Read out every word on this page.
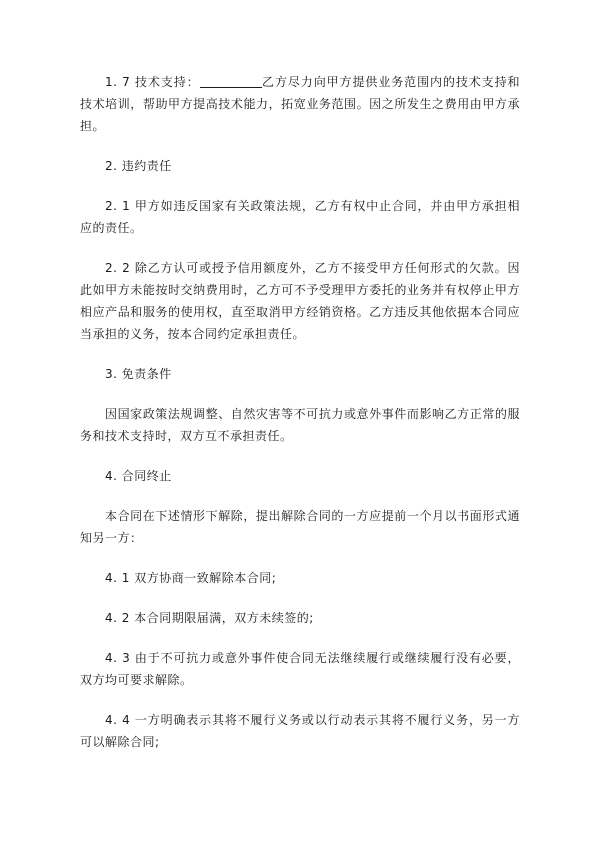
1. 7 技术支持：	乙方尽力向甲方提供业务范围内的技术支持和技术培训，帮助甲方提高技术能力，拓宽业务范围。因之所发生之费用由甲方承担。

2. 违约责任

2. 1 甲方如违反国家有关政策法规，乙方有权中止合同，并由甲方承担相应的责任。

2. 2 除乙方认可或授予信用额度外，乙方不接受甲方任何形式的欠款。因此如甲方未能按时交纳费用时，乙方可不予受理甲方委托的业务并有权停止甲方相应产品和服务的使用权，直至取消甲方经销资格。乙方违反其他依据本合同应当承担的义务，按本合同约定承担责任。

3. 免责条件

因国家政策法规调整、自然灾害等不可抗力或意外事件而影响乙方正常的服务和技术支持时，双方互不承担责任。

4. 合同终止

本合同在下述情形下解除，提出解除合同的一方应提前一个月以书面形式通知另一方：

4. 1 双方协商一致解除本合同;

4. 2 本合同期限届满，双方未续签的;

4. 3 由于不可抗力或意外事件使合同无法继续履行或继续履行没有必要，双方均可要求解除。

4. 4 一方明确表示其将不履行义务或以行动表示其将不履行义务，另一方可以解除合同;
